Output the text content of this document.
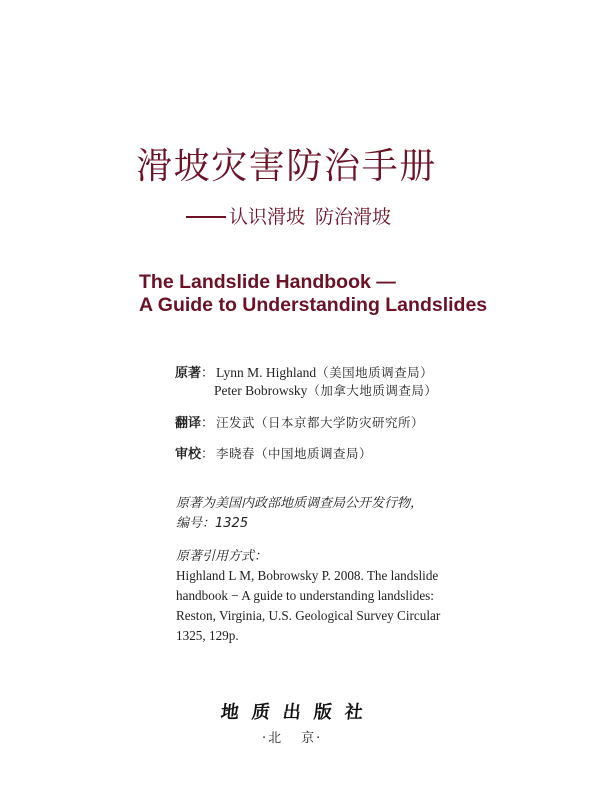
滑坡灾害防治手册
认识滑坡 防治滑坡
The Landslide Handbook —
A Guide to Understanding Landslides
原著： Lynn M. Highland（美国地质调查局）
Peter Bobrowsky（加拿大地质调查局）
翻译： 汪发武（日本京都大学防灾研究所）
审校： 李晓春（中国地质调查局）
原著为美国内政部地质调查局公开发行物，编号：1325
原著引用方式：
Highland L M, Bobrowsky P. 2008. The landslide
handbook − A guide to understanding landslides:
Reston, Virginia, U.S. Geological Survey Circular
1325, 129p.
地质出版社
·北 京·
